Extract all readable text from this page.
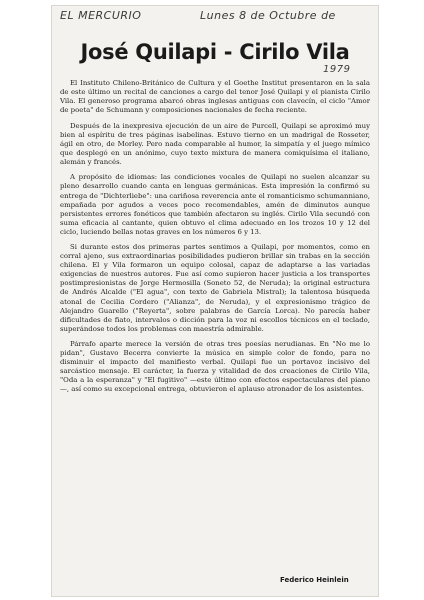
EL MERCURIO	Lunes 8 de Octubre de
1979
José Quilapi - Cirilo Vila

El Instituto Chileno-Británico de Cultura y el Goethe Institut presentaron en la sala de este último un recital de canciones a cargo del tenor José Quilapi y el pianista Cirilo Vila. El generoso programa abarcó obras inglesas antiguas con clavecín, el ciclo "Amor de poeta" de Schumann y composiciones nacionales de fecha reciente.

Después de la inexpresiva ejecución de un aire de Purcell, Quilapi se aproximó muy bien al espíritu de tres páginas isabelinas. Estuvo tierno en un madrigal de Rosseter, ágil en otro, de Morley. Pero nada comparable al humor, la simpatía y el juego mímico que desplegó en un anónimo, cuyo texto mixtura de manera comiquísima el italiano, alemán y francés.

A propósito de idiomas: las condiciones vocales de Quilapi no suelen alcanzar su pleno desarrollo cuando canta en lenguas germánicas. Esta impresión la confirmó su entrega de "Dichterliebe": una cariñosa reverencia ante el romanticismo schumanniano, empañada por agudos a veces poco recomendables, amén de diminutos aunque persistentes errores fonéticos que también afectaron su inglés. Cirilo Vila secundó con suma eficacia al cantante, quien obtuvo el clima adecuado en los trozos 10 y 12 del ciclo, luciendo bellas notas graves en los números 6 y 13.

Si durante estos dos primeras partes sentimos a Quilapi, por momentos, como en corral ajeno, sus extraordinarias posibilidades pudieron brillar sin trabas en la sección chilena. El y Vila formaron un equipo colosal, capaz de adaptarse a las variadas exigencias de nuestros autores. Fue así como supieron hacer justicia a los transportes postimpresionistas de Jorge Hermosilla (Soneto 52, de Neruda); la original estructura de Andrés Alcalde ("El agua", con texto de Gabriela Mistral); la talentosa búsqueda atonal de Cecilia Cordero ("Alianza", de Neruda), y el expresionismo trágico de Alejandro Guarello ("Reyerta", sobre palabras de García Lorca). No parecía haber dificultades de fiato, intervalos o dicción para la voz ni escollos técnicos en el teclado, superándose todos los problemas con maestría admirable.

Párrafo aparte merece la versión de otras tres poesías nerudianas. En "No me lo pidan", Gustavo Becerra convierte la música en simple color de fondo, para no disminuir el impacto del manifiesto verbal. Quilapi fue un portavoz incisivo del sarcástico mensaje. El carácter, la fuerza y vitalidad de dos creaciones de Cirilo Vila, "Oda a la esperanza" y "El fugitivo" —este último con efectos espectaculares del piano—, así como su excepcional entrega, obtuvieron el aplauso atronador de los asistentes.

Federico Heinlein
